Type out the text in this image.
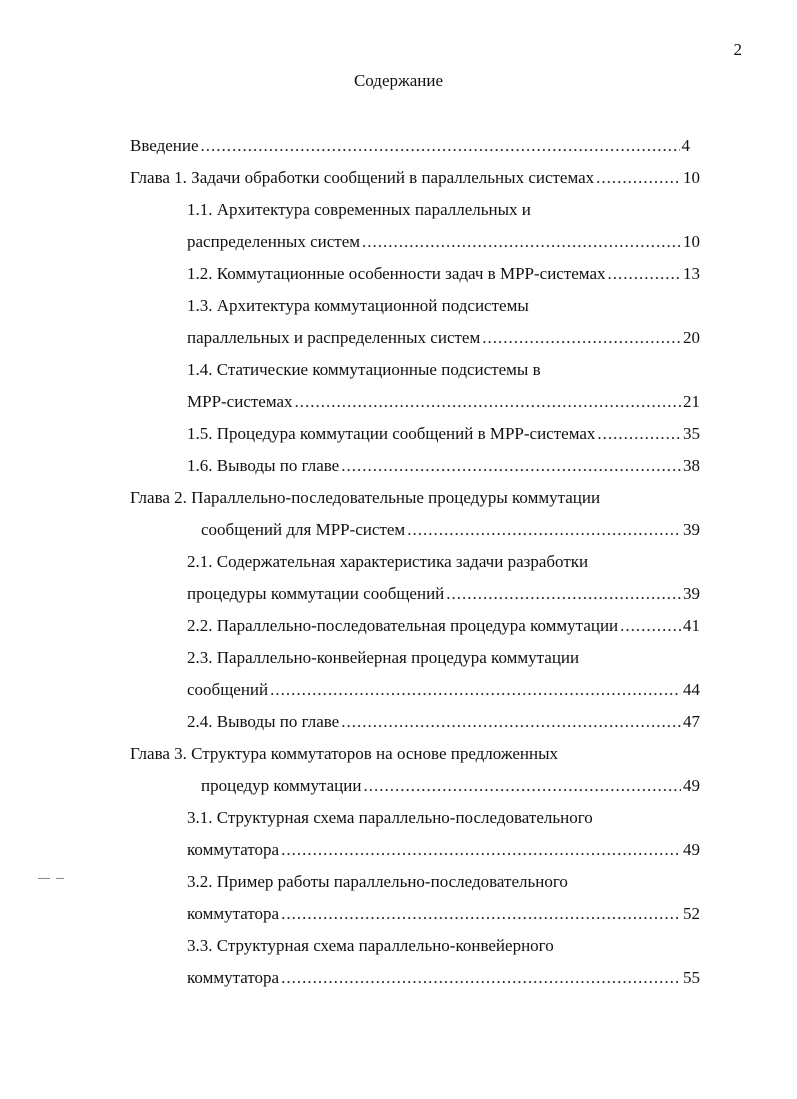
2
Содержание
Введение .....	4
Глава 1. Задачи обработки сообщений в параллельных системах .....	10
1.1. Архитектура современных параллельных и
распределенных систем .....	10
1.2. Коммутационные особенности задач в МРР-системах .....	13
1.3. Архитектура коммутационной подсистемы
параллельных и распределенных систем .....	20
1.4. Статические коммутационные подсистемы в
МРР-системах .....	21
1.5. Процедура коммутации сообщений в МРР-системах .....	35
1.6. Выводы по главе .....	38
Глава 2. Параллельно-последовательные процедуры коммутации
сообщений для МРР-систем .....	39
2.1. Содержательная характеристика задачи разработки
процедуры коммутации сообщений .....	39
2.2. Параллельно-последовательная процедура коммутации .....	41
2.3. Параллельно-конвейерная процедура коммутации
сообщений .....	44
2.4. Выводы по главе .....	47
Глава 3. Структура коммутаторов на основе предложенных
процедур коммутации .....	49
3.1. Структурная схема параллельно-последовательного
коммутатора .....	49
3.2. Пример работы параллельно-последовательного
коммутатора .....	52
3.3. Структурная схема параллельно-конвейерного
коммутатора .....	55
